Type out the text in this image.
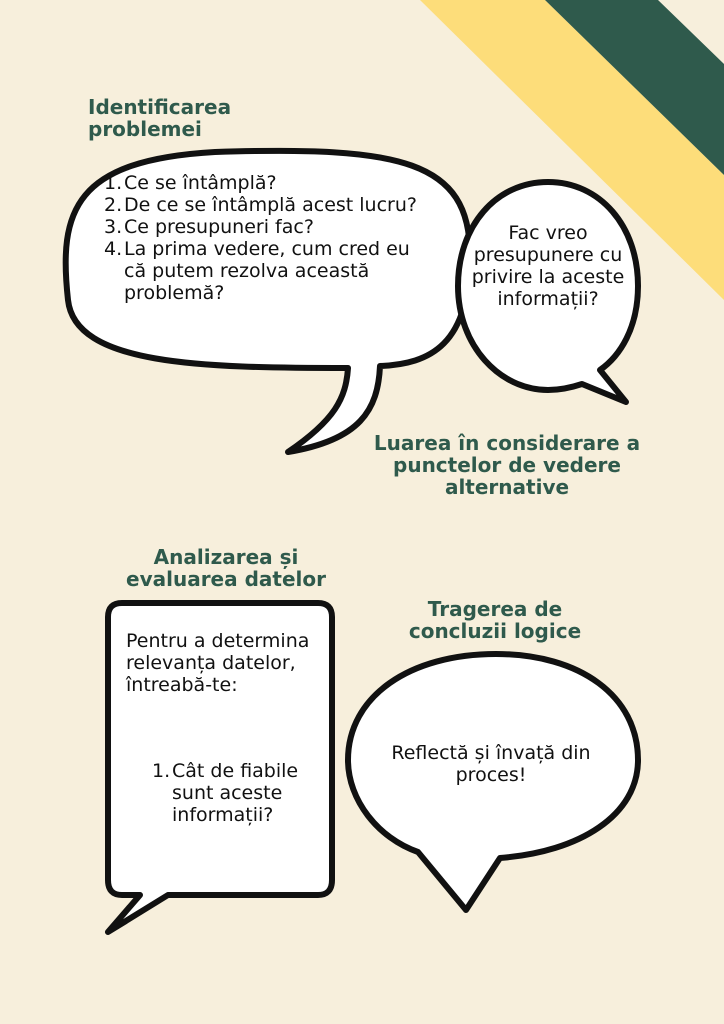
Identificarea problemei
1. Ce se întâmplă?
2. De ce se întâmplă acest lucru?
3. Ce presupuneri fac?
4. La prima vedere, cum cred eu că putem rezolva această problemă?
Fac vreo presupunere cu privire la aceste informații?
Luarea în considerare a punctelor de vedere alternative
Analizarea și evaluarea datelor
Pentru a determina relevanța datelor, întreabă-te:
1. Cât de fiabile sunt aceste informații?
Tragerea de concluzii logice
Reflectă și învață din proces!
